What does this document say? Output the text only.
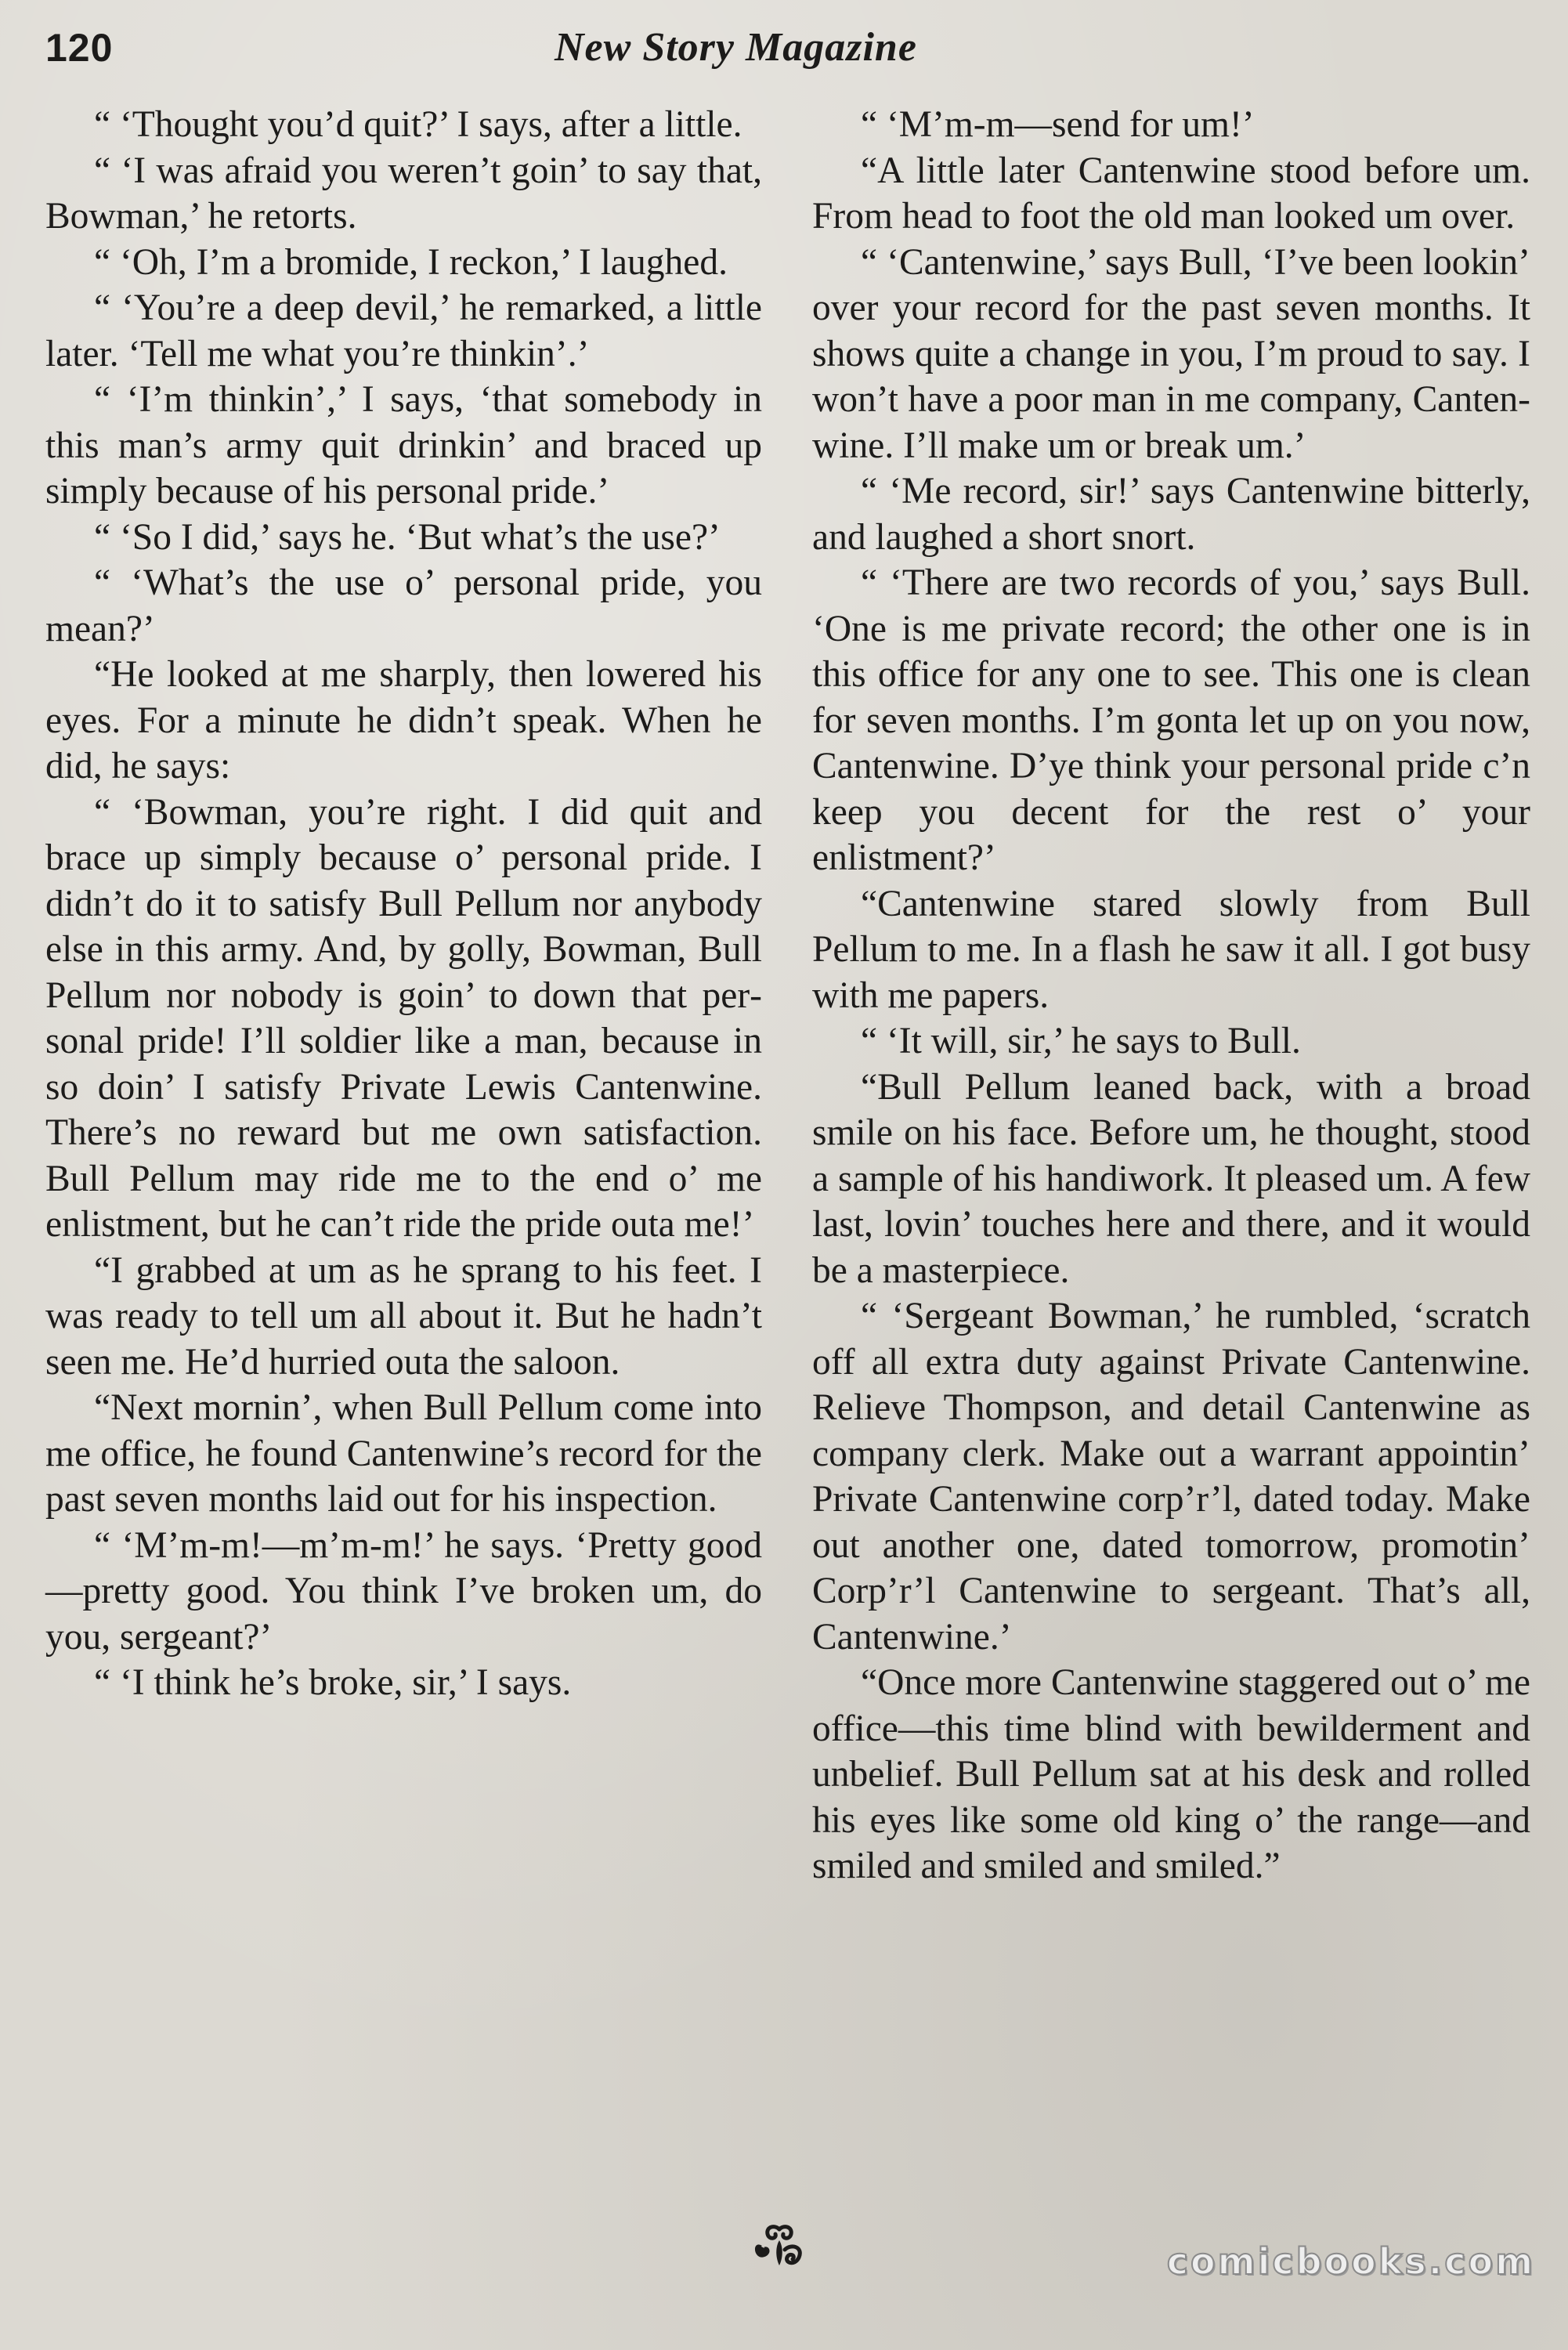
120	New Story Magazine

“ ‘Thought you’d quit?’ I says, after a little.

“ ‘I was afraid you weren’t goin’ to say that, Bowman,’ he retorts.

“ ‘Oh, I’m a bromide, I reckon,’ I laughed.

“ ‘You’re a deep devil,’ he remarked, a little later. ‘Tell me what you’re thinkin’.’

“ ‘I’m thinkin’,’ I says, ‘that somebody in this man’s army quit drinkin’ and braced up simply because of his personal pride.’

“ ‘So I did,’ says he. ‘But what’s the use?’

“ ‘What’s the use o’ personal pride, you mean?’

“He looked at me sharply, then lowered his eyes. For a minute he didn’t speak. When he did, he says:

“ ‘Bowman, you’re right. I did quit and brace up simply because o’ personal pride. I didn’t do it to satisfy Bull Pellum nor anybody else in this army. And, by golly, Bowman, Bull Pellum nor nobody is goin’ to down that personal pride! I’ll soldier like a man, because in so doin’ I satisfy Private Lewis Cantenwine. There’s no reward but me own satisfaction. Bull Pellum may ride me to the end o’ me enlistment, but he can’t ride the pride outa me!’

“I grabbed at um as he sprang to his feet. I was ready to tell um all about it. But he hadn’t seen me. He’d hurried outa the saloon.

“Next mornin’, when Bull Pellum come into me office, he found Cantenwine’s record for the past seven months laid out for his inspection.

“ ‘M’m-m!—m’m-m!’ he says. ‘Pretty good—pretty good. You think I’ve broken um, do you, sergeant?’

“ ‘I think he’s broke, sir,’ I says.

“ ‘M’m-m—send for um!’

“A little later Cantenwine stood before um. From head to foot the old man looked um over.

“ ‘Cantenwine,’ says Bull, ‘I’ve been lookin’ over your record for the past seven months. It shows quite a change in you, I’m proud to say. I won’t have a poor man in me company, Cantenwine. I’ll make um or break um.’

“ ‘Me record, sir!’ says Cantenwine bitterly, and laughed a short snort.

“ ‘There are two records of you,’ says Bull. ‘One is me private record; the other one is in this office for any one to see. This one is clean for seven months. I’m gonta let up on you now, Cantenwine. D’ye think your personal pride c’n keep you decent for the rest o’ your enlistment?’

“Cantenwine stared slowly from Bull Pellum to me. In a flash he saw it all. I got busy with me papers.

“ ‘It will, sir,’ he says to Bull.

“Bull Pellum leaned back, with a broad smile on his face. Before um, he thought, stood a sample of his handiwork. It pleased um. A few last, lovin’ touches here and there, and it would be a masterpiece.

“ ‘Sergeant Bowman,’ he rumbled, ‘scratch off all extra duty against Private Cantenwine. Relieve Thompson, and detail Cantenwine as company clerk. Make out a warrant appointin’ Private Cantenwine corp’r’l, dated today. Make out another one, dated tomorrow, promotin’ Corp’r’l Cantenwine to sergeant. That’s all, Cantenwine.’

“Once more Cantenwine staggered out o’ me office—this time blind with bewilderment and unbelief. Bull Pellum sat at his desk and rolled his eyes like some old king o’ the range—and smiled and smiled and smiled.”

comicbooks.com
